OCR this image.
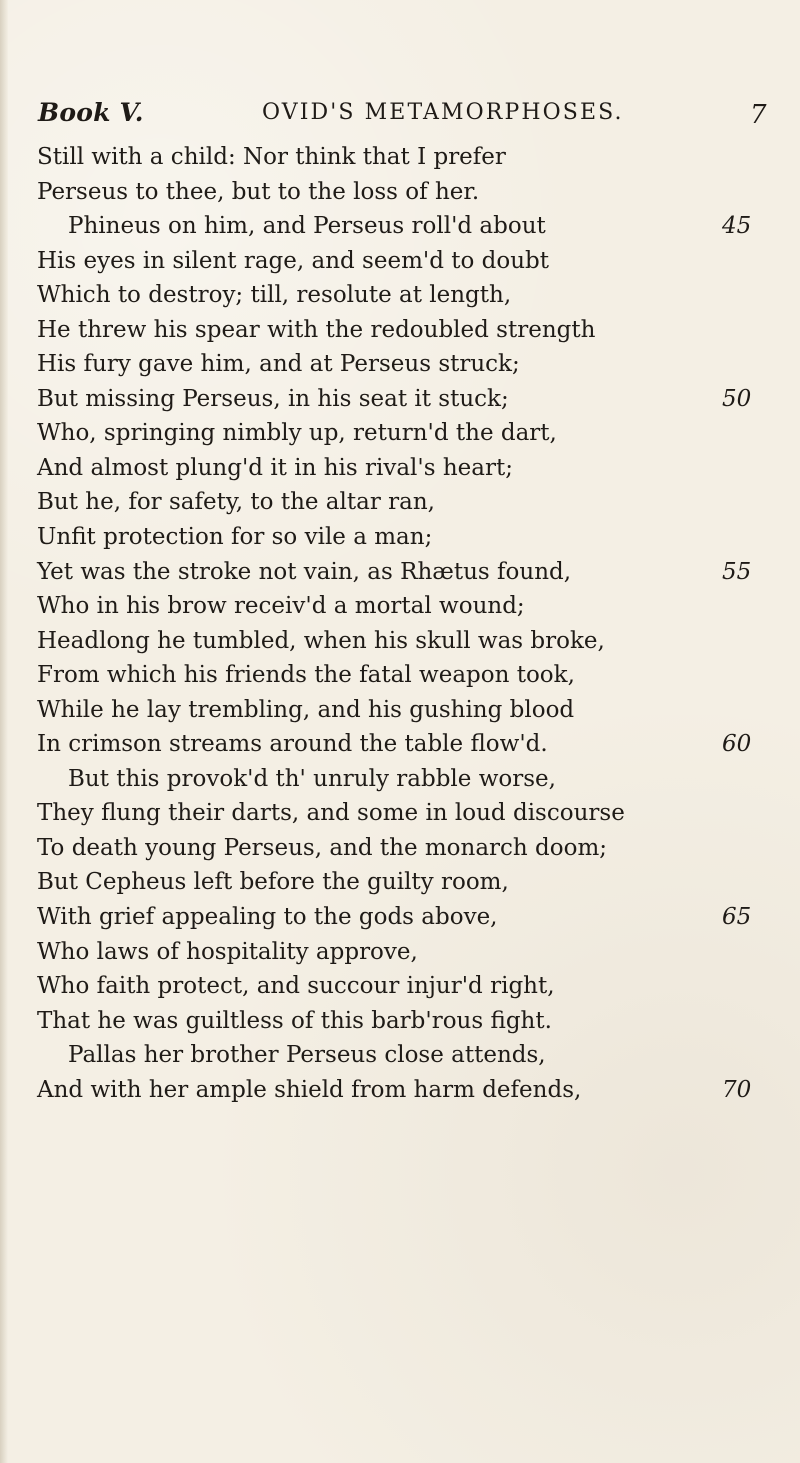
Book V.	OVID'S METAMORPHOSES.	7
Still with a child: Nor think that I prefer
Perseus to thee, but to the loss of her.
Phineus on him, and Perseus roll'd about	45
His eyes in silent rage, and seem'd to doubt
Which to destroy; till, resolute at length,
He threw his spear with the redoubled strength
His fury gave him, and at Perseus struck;
But missing Perseus, in his seat it stuck;	50
Who, springing nimbly up, return'd the dart,
And almost plung'd it in his rival's heart;
But he, for safety, to the altar ran,
Unfit protection for so vile a man;
Yet was the stroke not vain, as Rhætus found,	55
Who in his brow receiv'd a mortal wound;
Headlong he tumbled, when his skull was broke,
From which his friends the fatal weapon took,
While he lay trembling, and his gushing blood
In crimson streams around the table flow'd.	60
But this provok'd th' unruly rabble worse,
They flung their darts, and some in loud discourse
To death young Perseus, and the monarch doom;
But Cepheus left before the guilty room,
With grief appealing to the gods above,	65
Who laws of hospitality approve,
Who faith protect, and succour injur'd right,
That he was guiltless of this barb'rous fight.
Pallas her brother Perseus close attends,
And with her ample shield from harm defends,	70
